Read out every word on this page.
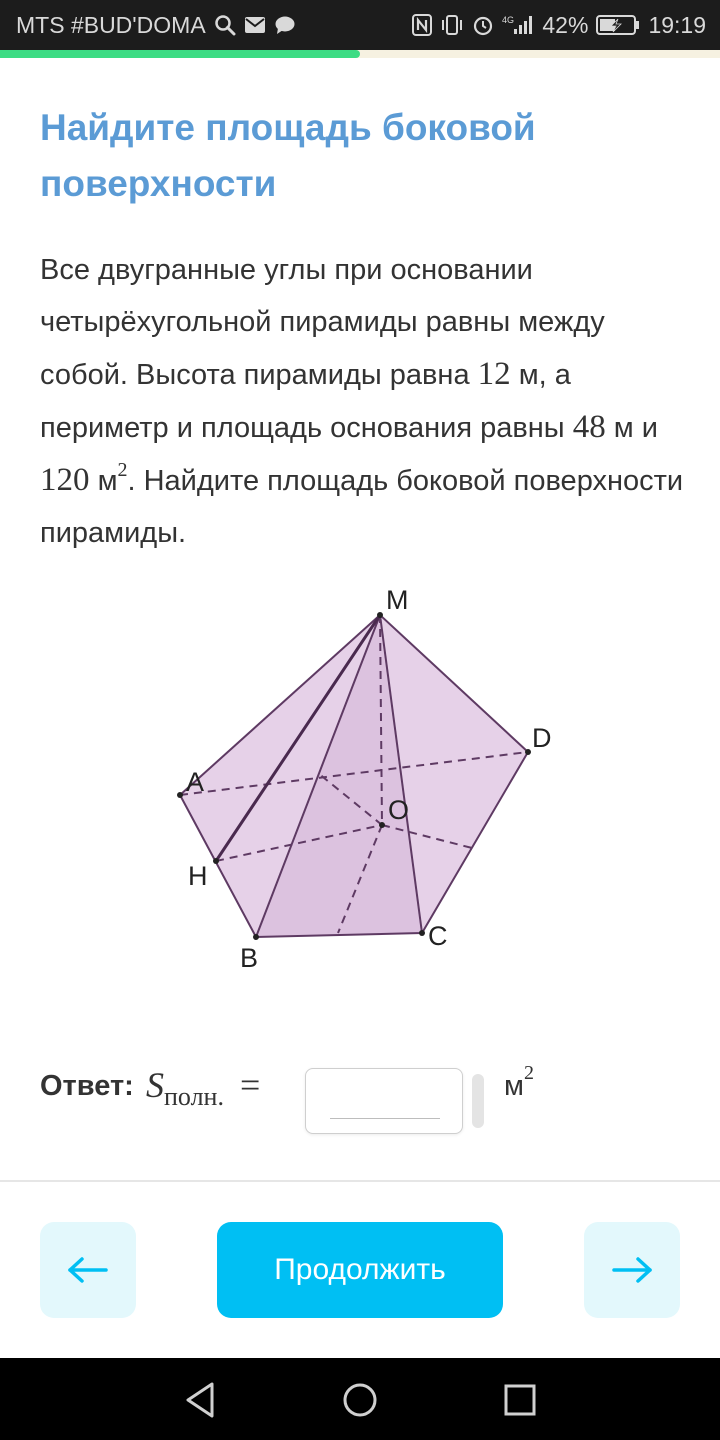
MTS #BUD'DOMA	4G 42%	19:19
Найдите площадь боковой поверхности

Все двугранные углы при основании четырёхугольной пирамиды равны между собой. Высота пирамиды равна 12 м, а периметр и площадь основания равны 48 м и 120 $м^2$. Найдите площадь боковой поверхности пирамиды.

M
A
D
O
H
B
C
Ответ: $S_{полн.}$ =	$м^2$
Продолжить
